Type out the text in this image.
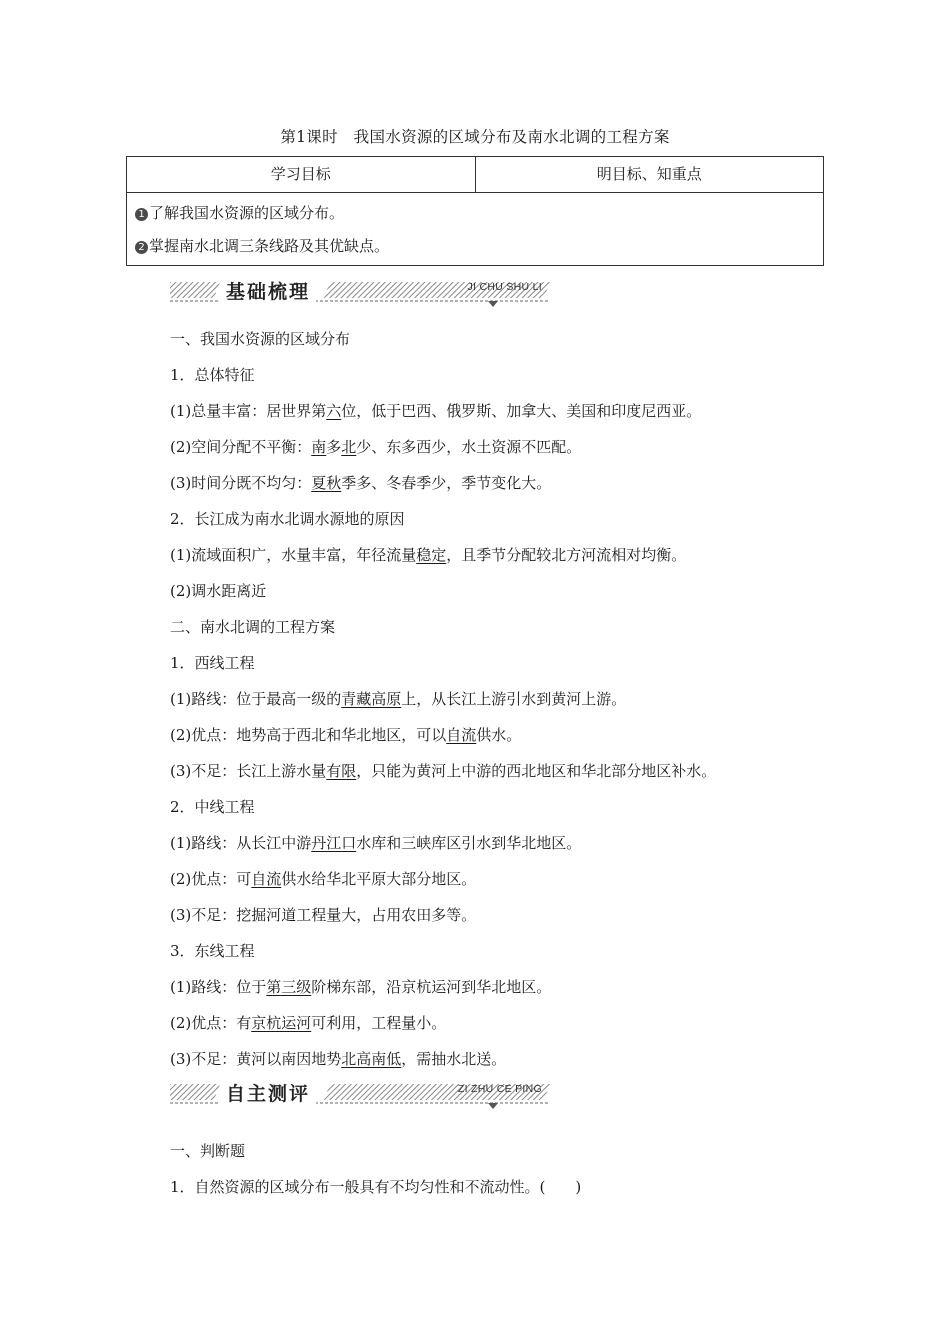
第1课时　我国水资源的区域分布及南水北调的工程方案
学习目标	明目标、知重点
1 了解我国水资源的区域分布。
2 掌握南水北调三条线路及其优缺点。
基础梳理	JI CHU SHU LI
一、我国水资源的区域分布
1．总体特征
(1)总量丰富：居世界第六位，低于巴西、俄罗斯、加拿大、美国和印度尼西亚。
(2)空间分配不平衡：南多北少、东多西少，水土资源不匹配。
(3)时间分既不均匀：夏秋季多、冬春季少，季节变化大。
2．长江成为南水北调水源地的原因
(1)流域面积广，水量丰富，年径流量稳定，且季节分配较北方河流相对均衡。
(2)调水距离近
二、南水北调的工程方案
1．西线工程
(1)路线：位于最高一级的青藏高原上，从长江上游引水到黄河上游。
(2)优点：地势高于西北和华北地区，可以自流供水。
(3)不足：长江上游水量有限，只能为黄河上中游的西北地区和华北部分地区补水。
2．中线工程
(1)路线：从长江中游丹江口水库和三峡库区引水到华北地区。
(2)优点：可自流供水给华北平原大部分地区。
(3)不足：挖掘河道工程量大，占用农田多等。
3．东线工程
(1)路线：位于第三级阶梯东部，沿京杭运河到华北地区。
(2)优点：有京杭运河可利用，工程量小。
(3)不足：黄河以南因地势北高南低，需抽水北送。
自主测评	ZI ZHU CE PING
一、判断题
1．自然资源的区域分布一般具有不均匀性和不流动性。(　　)
